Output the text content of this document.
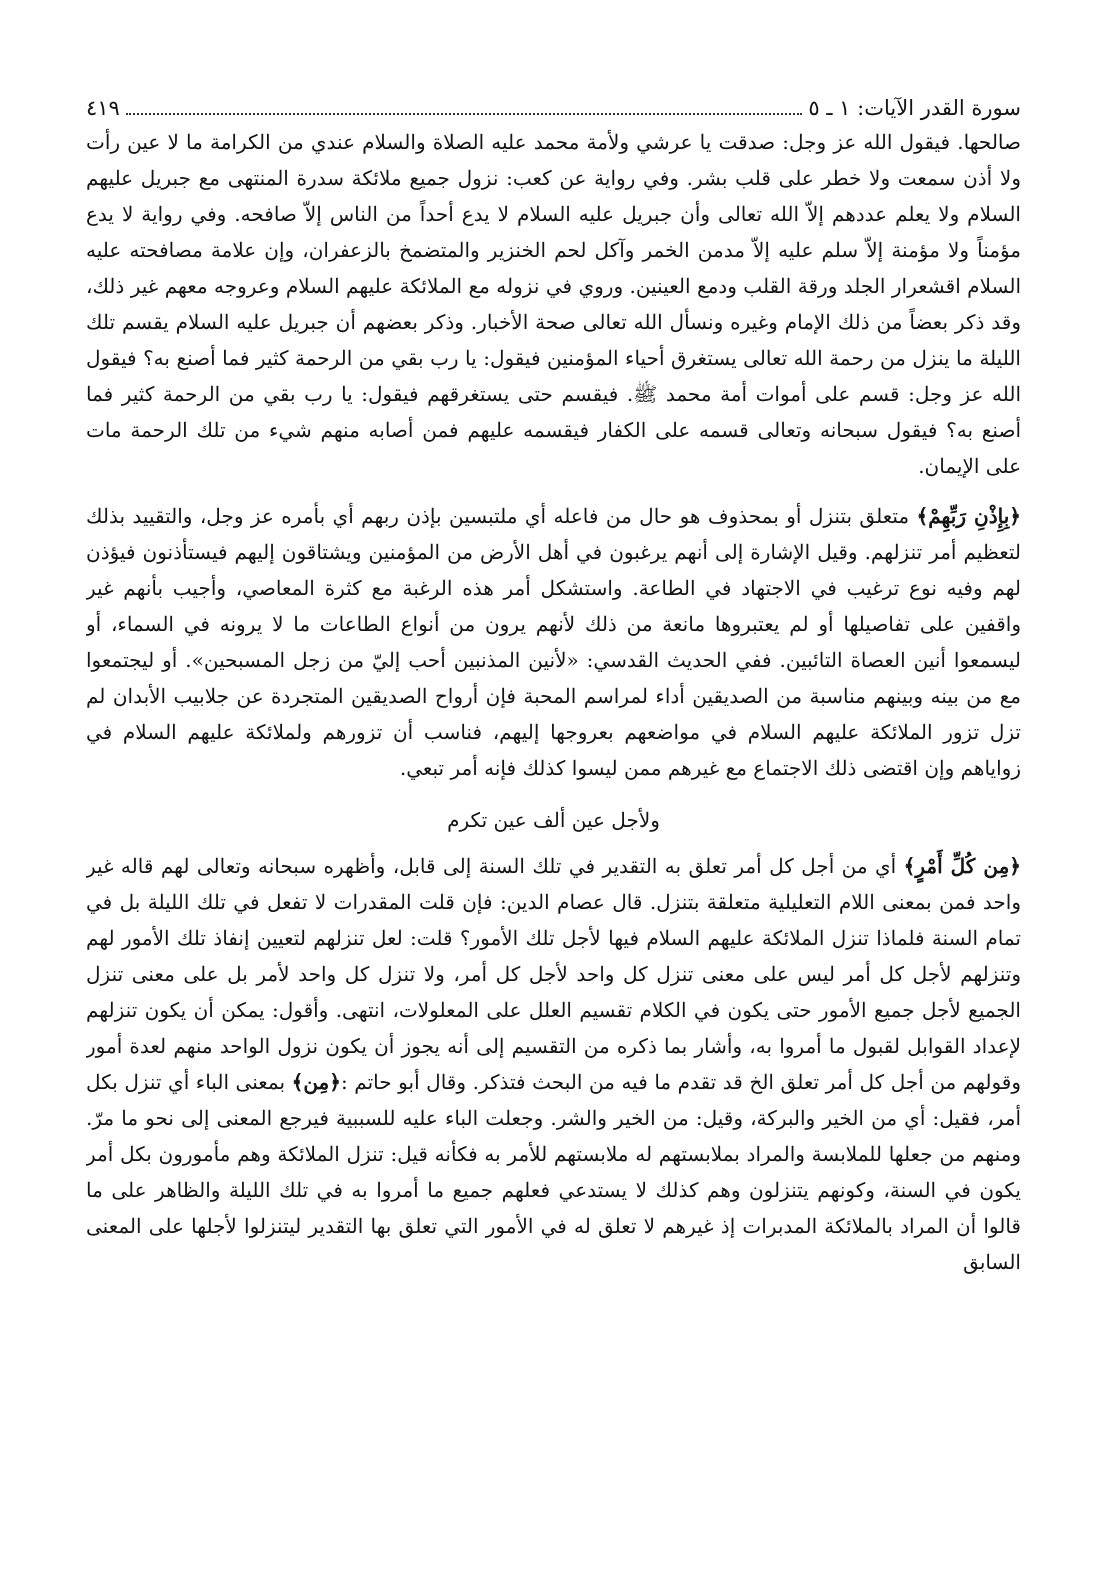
سورة القدر الآيات: ١ ـ ٥
٤١٩

صالحها. فيقول الله عز وجل: صدقت يا عرشي ولأمة محمد عليه الصلاة والسلام عندي من الكرامة ما لا عين رأت ولا أذن سمعت ولا خطر على قلب بشر. وفي رواية عن كعب: نزول جميع ملائكة سدرة المنتهى مع جبريل عليهم السلام ولا يعلم عددهم إلاّ الله تعالى وأن جبريل عليه السلام لا يدع أحداً من الناس إلاّ صافحه. وفي رواية لا يدع مؤمناً ولا مؤمنة إلاّ سلم عليه إلاّ مدمن الخمر وآكل لحم الخنزير والمتضمخ بالزعفران، وإن علامة مصافحته عليه السلام اقشعرار الجلد ورقة القلب ودمع العينين. وروي في نزوله مع الملائكة عليهم السلام وعروجه معهم غير ذلك، وقد ذكر بعضاً من ذلك الإمام وغيره ونسأل الله تعالى صحة الأخبار. وذكر بعضهم أن جبريل عليه السلام يقسم تلك الليلة ما ينزل من رحمة الله تعالى يستغرق أحياء المؤمنين فيقول: يا رب بقي من الرحمة كثير فما أصنع به؟ فيقول الله عز وجل: قسم على أموات أمة محمد ﷺ. فيقسم حتى يستغرقهم فيقول: يا رب بقي من الرحمة كثير فما أصنع به؟ فيقول سبحانه وتعالى قسمه على الكفار فيقسمه عليهم فمن أصابه منهم شيء من تلك الرحمة مات على الإيمان.

﴿بِإِذْنِ رَبِّهِمْ﴾ متعلق بتنزل أو بمحذوف هو حال من فاعله أي ملتبسين بإذن ربهم أي بأمره عز وجل، والتقييد بذلك لتعظيم أمر تنزلهم. وقيل الإشارة إلى أنهم يرغبون في أهل الأرض من المؤمنين ويشتاقون إليهم فيستأذنون فيؤذن لهم وفيه نوع ترغيب في الاجتهاد في الطاعة. واستشكل أمر هذه الرغبة مع كثرة المعاصي، وأجيب بأنهم غير واقفين على تفاصيلها أو لم يعتبروها مانعة من ذلك لأنهم يرون من أنواع الطاعات ما لا يرونه في السماء، أو ليسمعوا أنين العصاة التائبين. ففي الحديث القدسي: «لأنين المذنبين أحب إليّ من زجل المسبحين». أو ليجتمعوا مع من بينه وبينهم مناسبة من الصديقين أداء لمراسم المحبة فإن أرواح الصديقين المتجردة عن جلابيب الأبدان لم تزل تزور الملائكة عليهم السلام في مواضعهم بعروجها إليهم، فناسب أن تزورهم ولملائكة عليهم السلام في زواياهم وإن اقتضى ذلك الاجتماع مع غيرهم ممن ليسوا كذلك فإنه أمر تبعي.

ولأجل عين ألف عين تكرم

﴿مِن كُلِّ أَمْرٍ﴾ أي من أجل كل أمر تعلق به التقدير في تلك السنة إلى قابل، وأظهره سبحانه وتعالى لهم قاله غير واحد فمن بمعنى اللام التعليلية متعلقة بتنزل. قال عصام الدين: فإن قلت المقدرات لا تفعل في تلك الليلة بل في تمام السنة فلماذا تنزل الملائكة عليهم السلام فيها لأجل تلك الأمور؟ قلت: لعل تنزلهم لتعيين إنفاذ تلك الأمور لهم وتنزلهم لأجل كل أمر ليس على معنى تنزل كل واحد لأجل كل أمر، ولا تنزل كل واحد لأمر بل على معنى تنزل الجميع لأجل جميع الأمور حتى يكون في الكلام تقسيم العلل على المعلولات، انتهى. وأقول: يمكن أن يكون تنزلهم لإعداد القوابل لقبول ما أمروا به، وأشار بما ذكره من التقسيم إلى أنه يجوز أن يكون نزول الواحد منهم لعدة أمور وقولهم من أجل كل أمر تعلق الخ قد تقدم ما فيه من البحث فتذكر. وقال أبو حاتم :﴿مِن﴾ بمعنى الباء أي تنزل بكل أمر، فقيل: أي من الخير والبركة، وقيل: من الخير والشر. وجعلت الباء عليه للسببية فيرجع المعنى إلى نحو ما مرّ. ومنهم من جعلها للملابسة والمراد بملابستهم له ملابستهم للأمر به فكأنه قيل: تنزل الملائكة وهم مأمورون بكل أمر يكون في السنة، وكونهم يتنزلون وهم كذلك لا يستدعي فعلهم جميع ما أمروا به في تلك الليلة والظاهر على ما قالوا أن المراد بالملائكة المدبرات إذ غيرهم لا تعلق له في الأمور التي تعلق بها التقدير ليتنزلوا لأجلها على المعنى السابق
